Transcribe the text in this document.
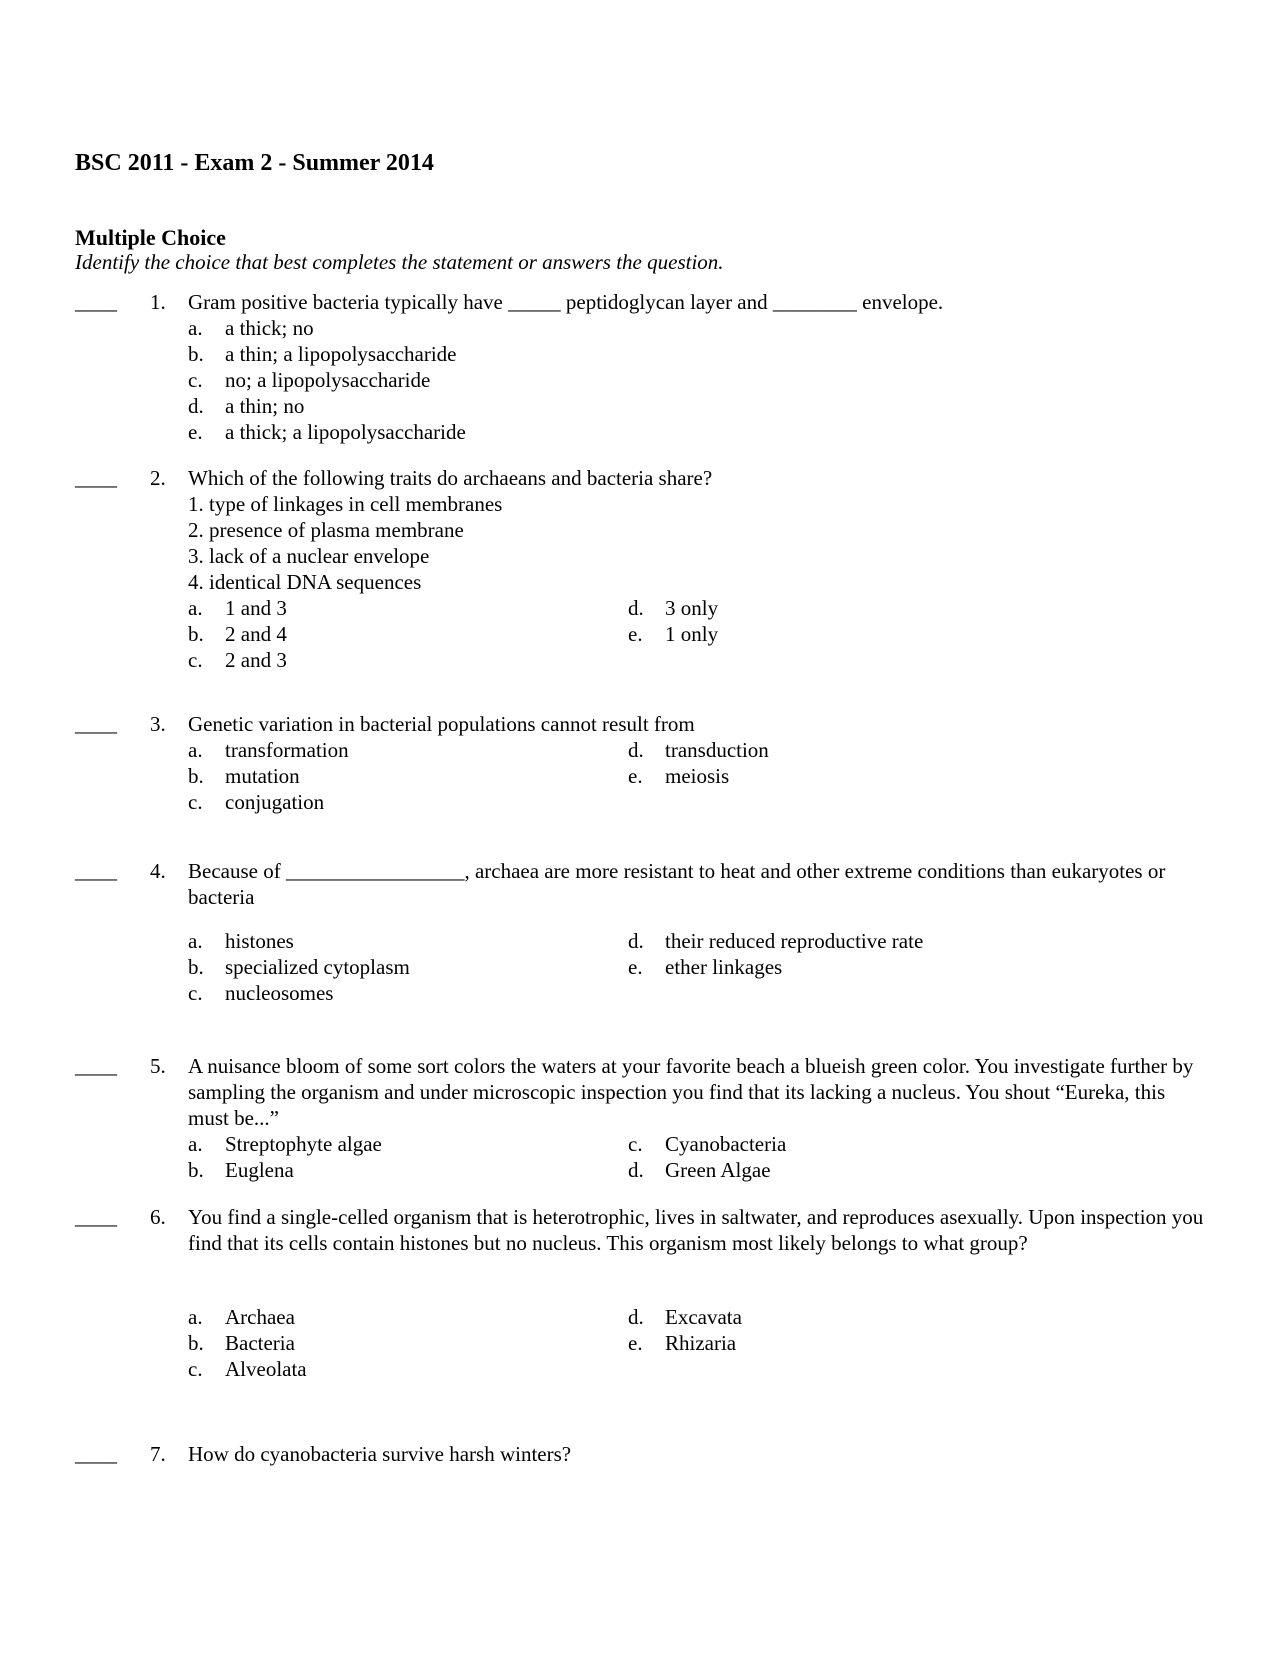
BSC 2011 - Exam 2 - Summer 2014
Multiple Choice
Identify the choice that best completes the statement or answers the question.
____ 1. Gram positive bacteria typically have _____ peptidoglycan layer and ________ envelope.
a. a thick; no
b. a thin; a lipopolysaccharide
c. no; a lipopolysaccharide
d. a thin; no
e. a thick; a lipopolysaccharide
____ 2. Which of the following traits do archaeans and bacteria share?
1. type of linkages in cell membranes
2. presence of plasma membrane
3. lack of a nuclear envelope
4. identical DNA sequences
a. 1 and 3
b. 2 and 4
c. 2 and 3
d. 3 only
e. 1 only
____ 3. Genetic variation in bacterial populations cannot result from
a. transformation
b. mutation
c. conjugation
d. transduction
e. meiosis
____ 4. Because of _________________, archaea are more resistant to heat and other extreme conditions than eukaryotes or bacteria
a. histones
b. specialized cytoplasm
c. nucleosomes
d. their reduced reproductive rate
e. ether linkages
____ 5. A nuisance bloom of some sort colors the waters at your favorite beach a blueish green color. You investigate further by sampling the organism and under microscopic inspection you find that its lacking a nucleus. You shout “Eureka, this must be...”
a. Streptophyte algae
b. Euglena
c. Cyanobacteria
d. Green Algae
____ 6. You find a single-celled organism that is heterotrophic, lives in saltwater, and reproduces asexually. Upon inspection you find that its cells contain histones but no nucleus. This organism most likely belongs to what group?
a. Archaea
b. Bacteria
c. Alveolata
d. Excavata
e. Rhizaria
____ 7. How do cyanobacteria survive harsh winters?
